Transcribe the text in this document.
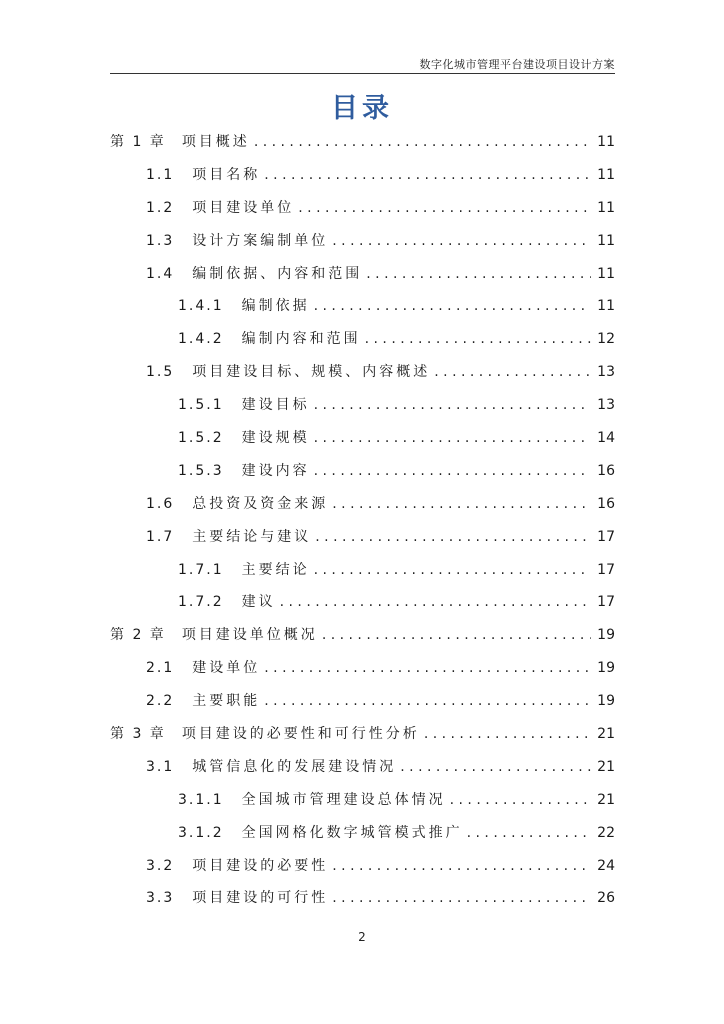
数字化城市管理平台建设项目设计方案
目录
第 1 章 项目概述 . . .	11
1.1 项目名称 . . .	11
1.2 项目建设单位 . . .	11
1.3 设计方案编制单位 . . .	11
1.4 编制依据、内容和范围 . . .	11
1.4.1 编制依据 . . .	11
1.4.2 编制内容和范围 . . .	12
1.5 项目建设目标、规模、内容概述 . . .	13
1.5.1 建设目标 . . .	13
1.5.2 建设规模 . . .	14
1.5.3 建设内容 . . .	16
1.6 总投资及资金来源 . . .	16
1.7 主要结论与建议 . . .	17
1.7.1 主要结论 . . .	17
1.7.2 建议 . . .	17
第 2 章 项目建设单位概况 . . .	19
2.1 建设单位 . . .	19
2.2 主要职能 . . .	19
第 3 章 项目建设的必要性和可行性分析 . . .	21
3.1 城管信息化的发展建设情况 . . .	21
3.1.1 全国城市管理建设总体情况 . . .	21
3.1.2 全国网格化数字城管模式推广 . . .	22
3.2 项目建设的必要性 . . .	24
3.3 项目建设的可行性 . . .	26
2
